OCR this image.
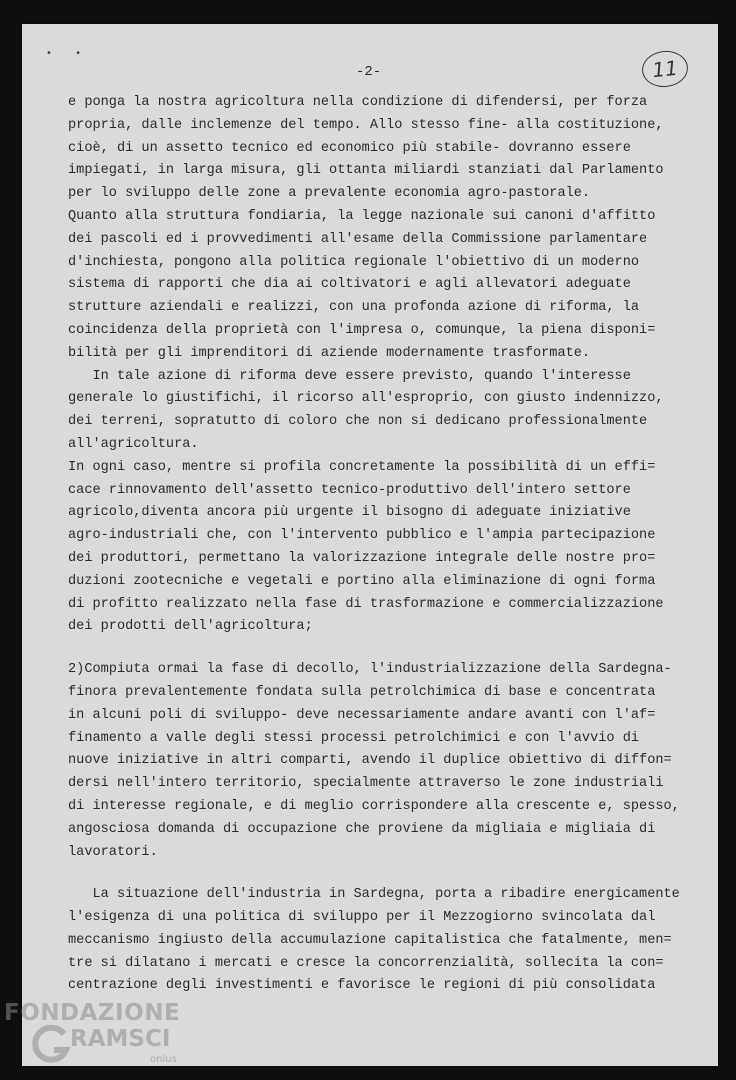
• •
-2-	11
e ponga la nostra agricoltura nella condizione di difendersi, per forza
propria, dalle inclemenze del tempo. Allo stesso fine- alla costituzione,
cioè, di un assetto tecnico ed economico più stabile- dovranno essere
impiegati, in larga misura, gli ottanta miliardi stanziati dal Parlamento
per lo sviluppo delle zone a prevalente economia agro-pastorale.
Quanto alla struttura fondiaria, la legge nazionale sui canoni d'affitto
dei pascoli ed i provvedimenti all'esame della Commissione parlamentare
d'inchiesta, pongono alla politica regionale l'obiettivo di un moderno
sistema di rapporti che dia ai coltivatori e agli allevatori adeguate
strutture aziendali e realizzi, con una profonda azione di riforma, la
coincidenza della proprietà con l'impresa o, comunque, la piena disponi=
bilità per gli imprenditori di aziende modernamente trasformate.
In tale azione di riforma deve essere previsto, quando l'interesse
generale lo giustifichi, il ricorso all'esproprio, con giusto indennizzo,
dei terreni, sopratutto di coloro che non si dedicano professionalmente
all'agricoltura.
In ogni caso, mentre si profila concretamente la possibilità di un effi=
cace rinnovamento dell'assetto tecnico-produttivo dell'intero settore
agricolo,diventa ancora più urgente il bisogno di adeguate iniziative
agro-industriali che, con l'intervento pubblico e l'ampia partecipazione
dei produttori, permettano la valorizzazione integrale delle nostre pro=
duzioni zootecniche e vegetali e portino alla eliminazione di ogni forma
di profitto realizzato nella fase di trasformazione e commercializzazione
dei prodotti dell'agricoltura;
2)Compiuta ormai la fase di decollo, l'industrializzazione della Sardegna-
finora prevalentemente fondata sulla petrolchimica di base e concentrata
in alcuni poli di sviluppo- deve necessariamente andare avanti con l'af=
finamento a valle degli stessi processi petrolchimici e con l'avvio di
nuove iniziative in altri comparti, avendo il duplice obiettivo di diffon=
dersi nell'intero territorio, specialmente attraverso le zone industriali
di interesse regionale, e di meglio corrispondere alla crescente e, spesso,
angosciosa domanda di occupazione che proviene da migliaia e migliaia di
lavoratori.
La situazione dell'industria in Sardegna, porta a ribadire energicamente
l'esigenza di una politica di sviluppo per il Mezzogiorno svincolata dal
meccanismo ingiusto della accumulazione capitalistica che fatalmente, men=
tre si dilatano i mercati e cresce la concorrenzialità, sollecita la con=
centrazione degli investimenti e favorisce le regioni di più consolidata
FONDAZIONE
RAMSCI
onlus
